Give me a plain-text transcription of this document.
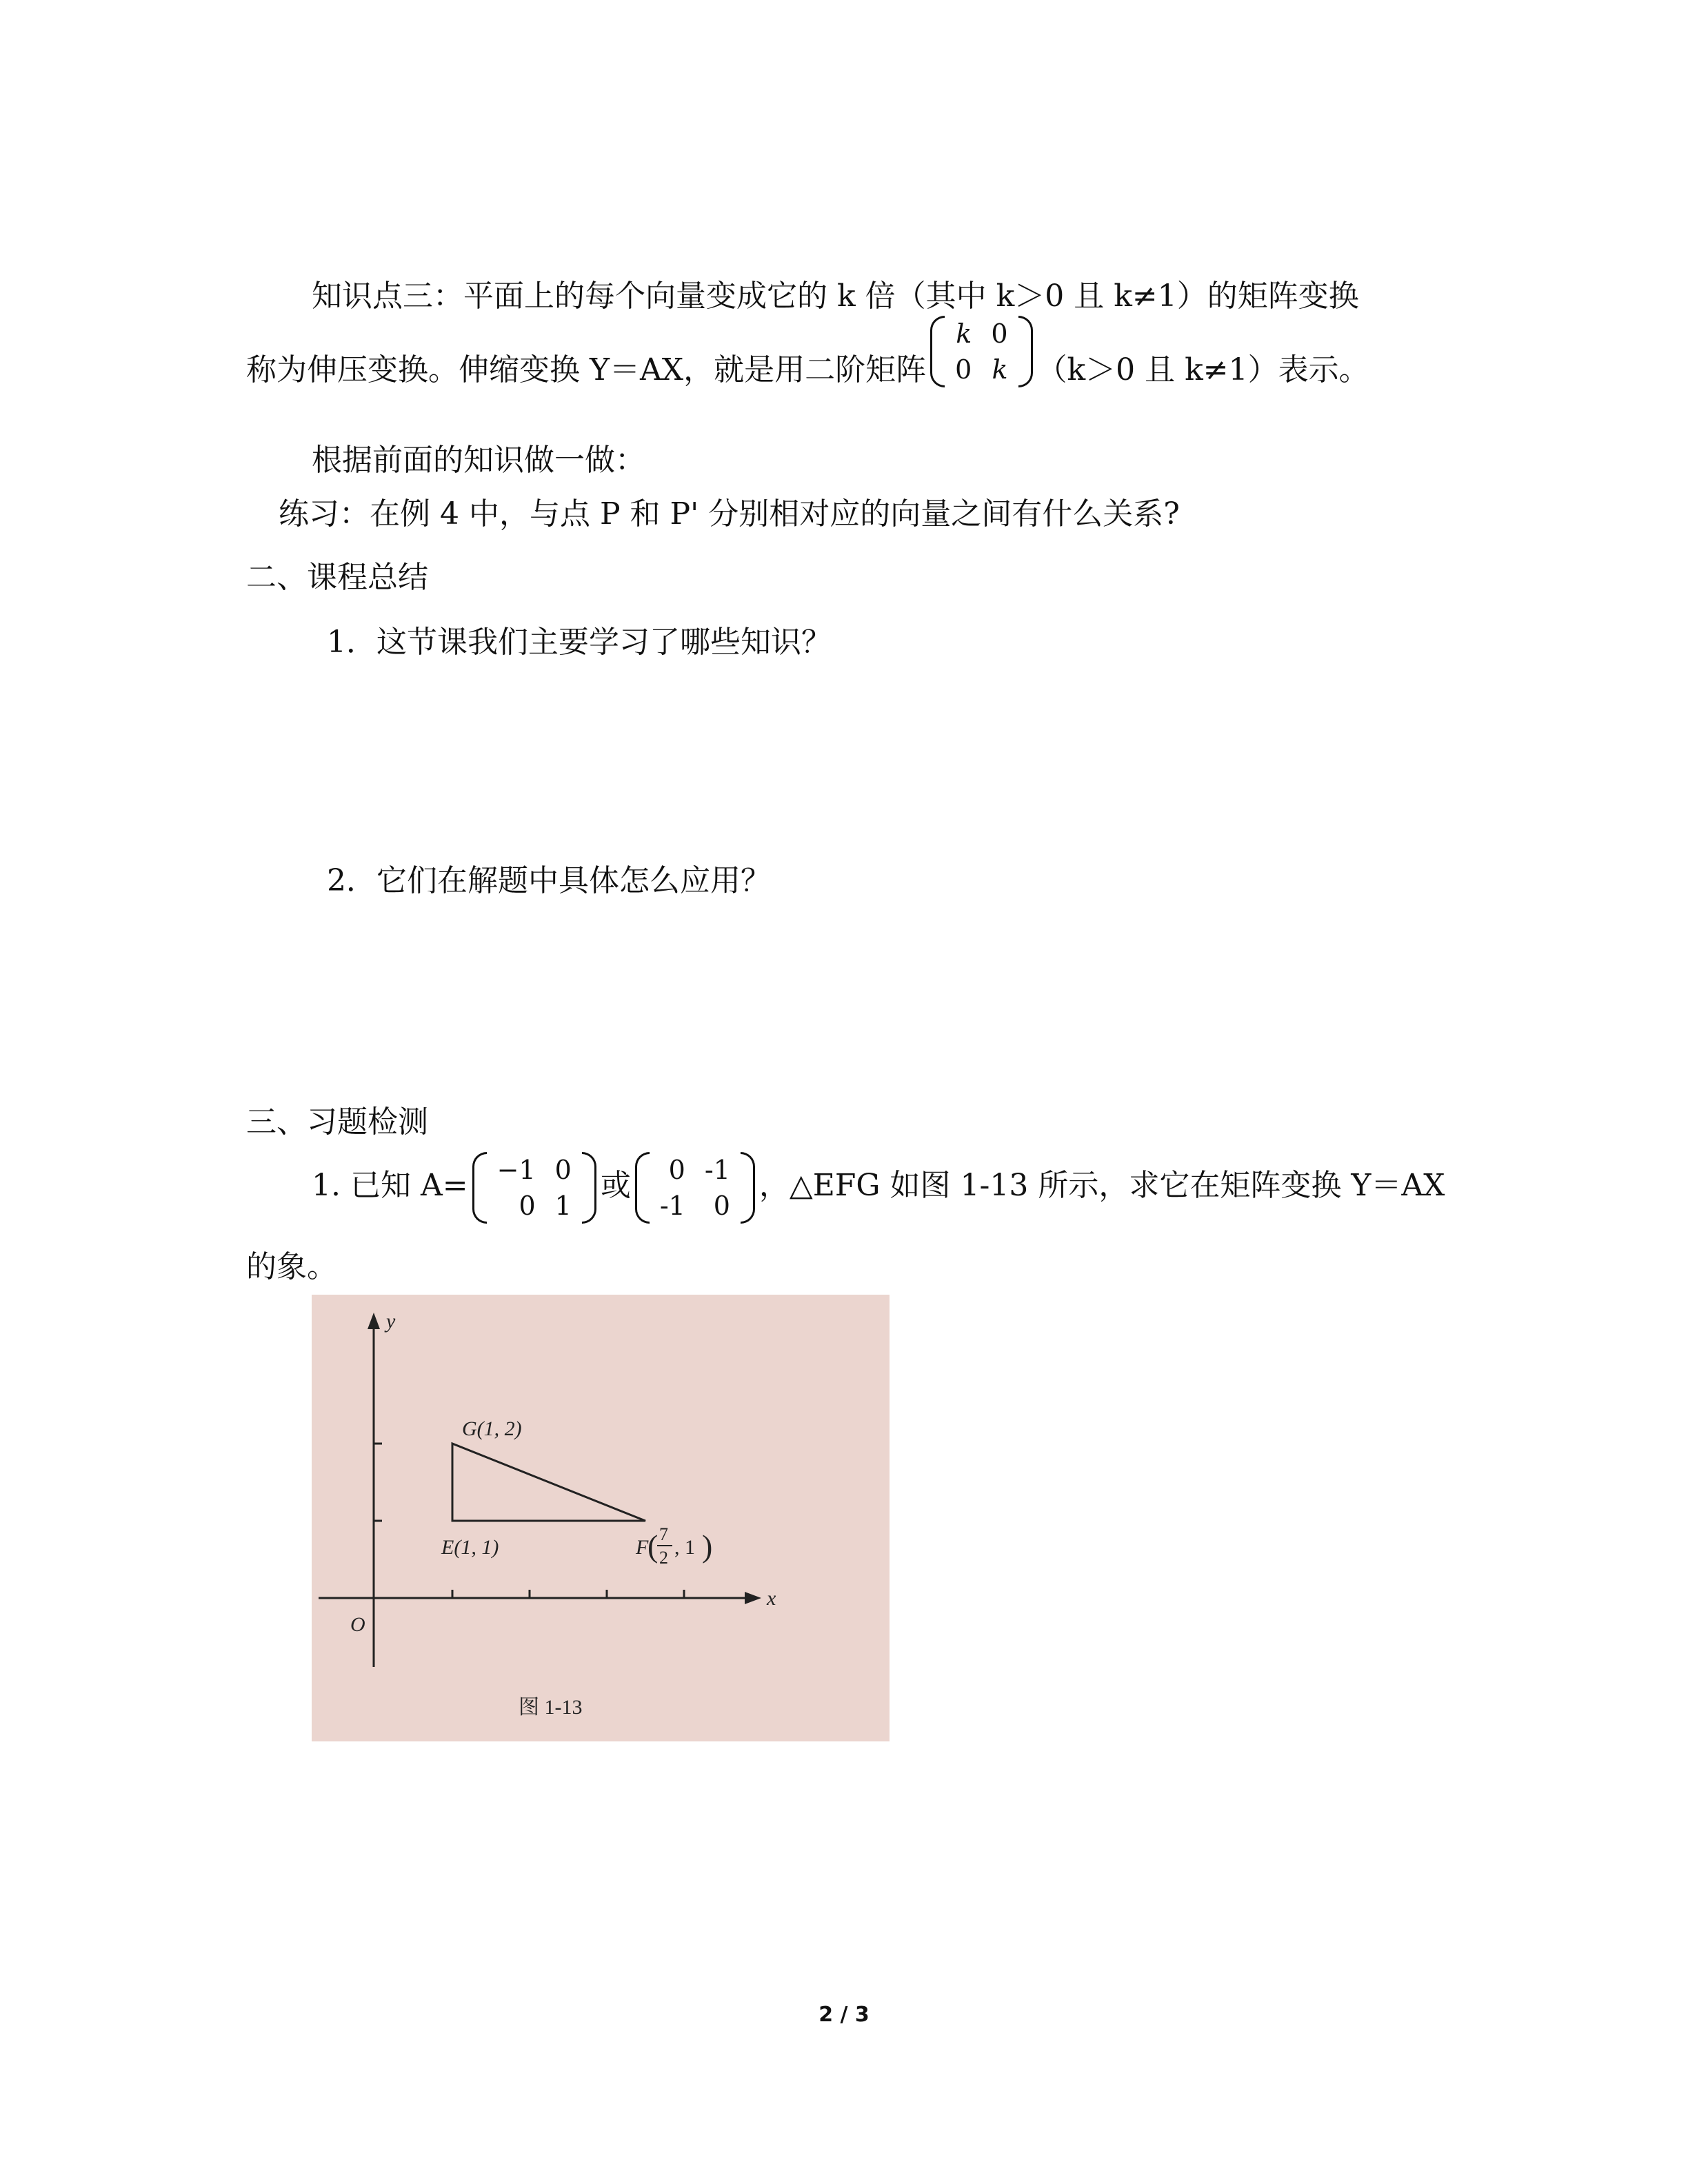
知识点三：平面上的每个向量变成它的 k 倍（其中 k＞0 且 k≠1）的矩阵变换
称为伸压变换。伸缩变换 Y＝AX，就是用二阶矩阵
k	0
0	k （k＞0 且 k≠1）表示。
根据前面的知识做一做：
练习：在例 4 中，与点 P 和 P' 分别相对应的向量之间有什么关系?
二、课程总结
1．这节课我们主要学习了哪些知识？
2．它们在解题中具体怎么应用？
三、习题检测
1. 已知 A= −1	0
0	1
或 0	-1
-1	0
，△EFG 如图 1-13 所示，求它在矩阵变换 Y＝AX
的象。
y
x
O
G(1, 2)
E(1, 1)	F
( 7
2 , 1 )
图 1-13
2 / 3
